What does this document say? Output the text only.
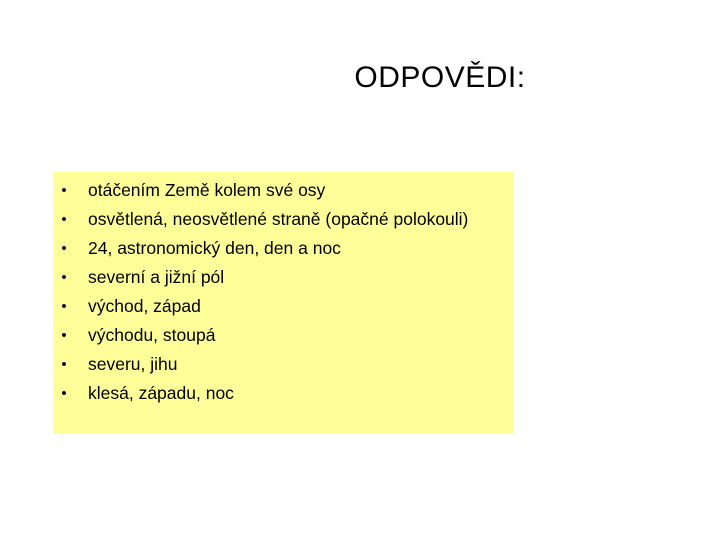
ODPOVĚDI:
• otáčením Země kolem své osy
• osvětlená, neosvětlené straně (opačné polokouli)
• 24, astronomický den, den a noc
• severní a jižní pól
• východ, západ
• východu, stoupá
• severu, jihu
• klesá, západu, noc
